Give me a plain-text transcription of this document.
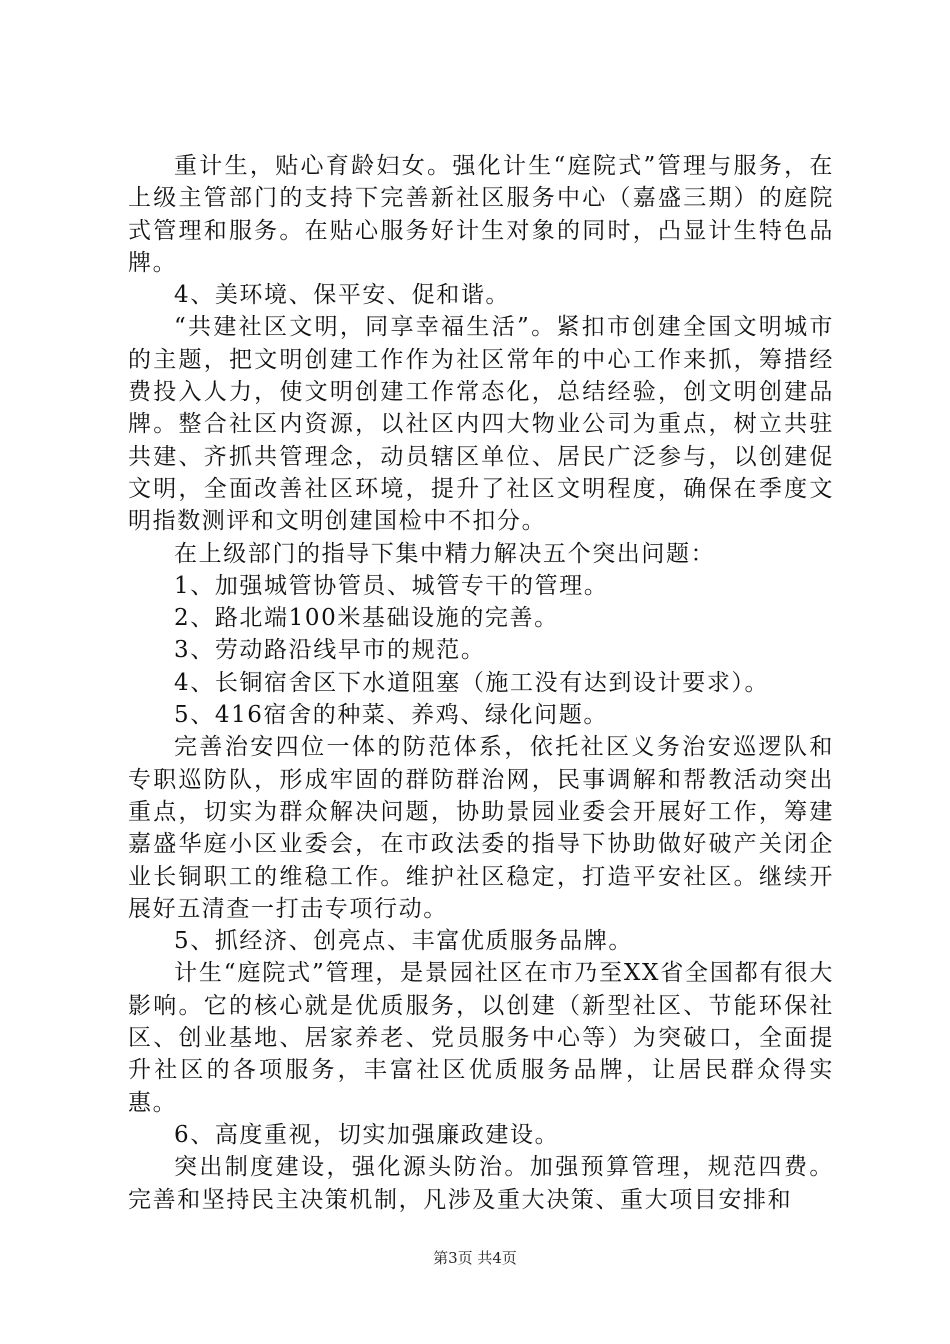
重计生，贴心育龄妇女。强化计生“庭院式”管理与服务，在上级主管部门的支持下完善新社区服务中心（嘉盛三期）的庭院式管理和服务。在贴心服务好计生对象的同时，凸显计生特色品牌。

4、美环境、保平安、促和谐。

“共建社区文明，同享幸福生活”。紧扣市创建全国文明城市的主题，把文明创建工作作为社区常年的中心工作来抓，筹措经费投入人力，使文明创建工作常态化，总结经验，创文明创建品牌。整合社区内资源，以社区内四大物业公司为重点，树立共驻共建、齐抓共管理念，动员辖区单位、居民广泛参与，以创建促文明，全面改善社区环境，提升了社区文明程度，确保在季度文明指数测评和文明创建国检中不扣分。

在上级部门的指导下集中精力解决五个突出问题：

1、加强城管协管员、城管专干的管理。

2、路北端100米基础设施的完善。

3、劳动路沿线早市的规范。

4、长铜宿舍区下水道阻塞（施工没有达到设计要求）。

5、416宿舍的种菜、养鸡、绿化问题。

完善治安四位一体的防范体系，依托社区义务治安巡逻队和专职巡防队，形成牢固的群防群治网，民事调解和帮教活动突出重点，切实为群众解决问题，协助景园业委会开展好工作，筹建嘉盛华庭小区业委会，在市政法委的指导下协助做好破产关闭企业长铜职工的维稳工作。维护社区稳定，打造平安社区。继续开展好五清查一打击专项行动。

5、抓经济、创亮点、丰富优质服务品牌。

计生“庭院式”管理，是景园社区在市乃至XX省全国都有很大影响。它的核心就是优质服务，以创建（新型社区、节能环保社区、创业基地、居家养老、党员服务中心等）为突破口，全面提升社区的各项服务，丰富社区优质服务品牌，让居民群众得实惠。

6、高度重视，切实加强廉政建设。

突出制度建设，强化源头防治。加强预算管理，规范四费。完善和坚持民主决策机制，凡涉及重大决策、重大项目安排和

第3页 共4页
